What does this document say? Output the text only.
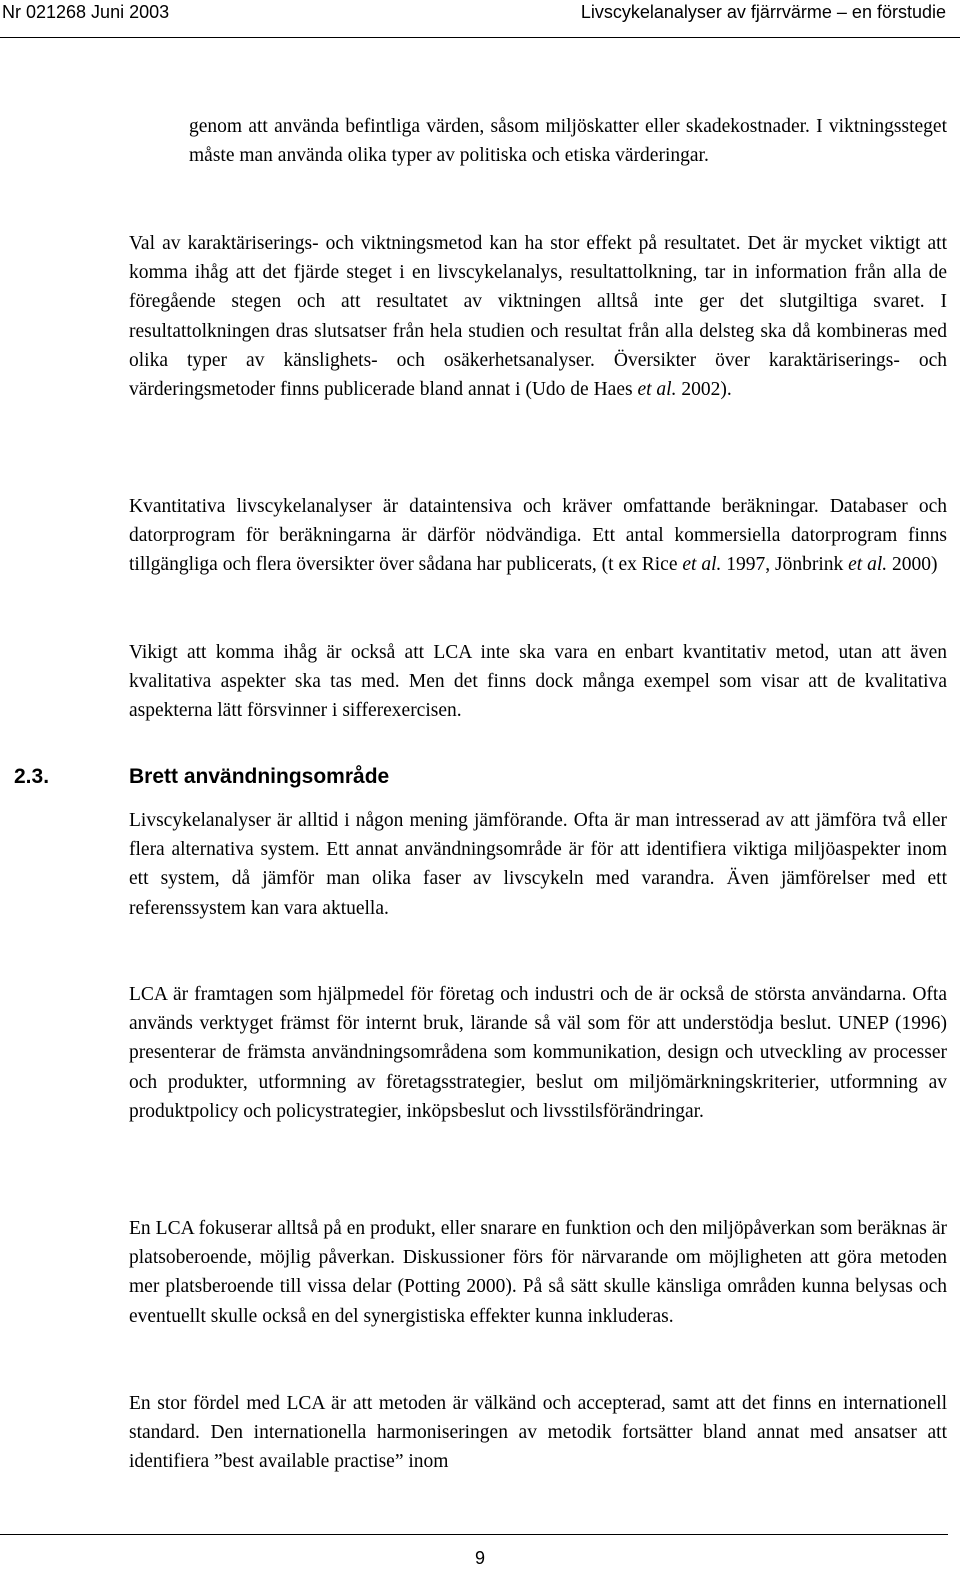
Nr 021268 Juni 2003	Livscykelanalyser av fjärrvärme – en förstudie

genom att använda befintliga värden, såsom miljöskatter eller skadekostnader. I viktningssteget måste man använda olika typer av politiska och etiska värderingar.

Val av karaktäriserings- och viktningsmetod kan ha stor effekt på resultatet. Det är mycket viktigt att komma ihåg att det fjärde steget i en livscykelanalys, resultattolkning, tar in information från alla de föregående stegen och att resultatet av viktningen alltså inte ger det slutgiltiga svaret. I resultattolkningen dras slutsatser från hela studien och resultat från alla delsteg ska då kombineras med olika typer av känslighets- och osäkerhetsanalyser. Översikter över karaktäriserings- och värderingsmetoder finns publicerade bland annat i (Udo de Haes et al. 2002).

Kvantitativa livscykelanalyser är dataintensiva och kräver omfattande beräkningar. Databaser och datorprogram för beräkningarna är därför nödvändiga. Ett antal kommersiella datorprogram finns tillgängliga och flera översikter över sådana har publicerats, (t ex Rice et al. 1997, Jönbrink et al. 2000)

Vikigt att komma ihåg är också att LCA inte ska vara en enbart kvantitativ metod, utan att även kvalitativa aspekter ska tas med. Men det finns dock många exempel som visar att de kvalitativa aspekterna lätt försvinner i sifferexercisen.

2.3.	Brett användningsområde

Livscykelanalyser är alltid i någon mening jämförande. Ofta är man intresserad av att jämföra två eller flera alternativa system. Ett annat användningsområde är för att identifiera viktiga miljöaspekter inom ett system, då jämför man olika faser av livscykeln med varandra. Även jämförelser med ett referenssystem kan vara aktuella.

LCA är framtagen som hjälpmedel för företag och industri och de är också de största användarna. Ofta används verktyget främst för internt bruk, lärande så väl som för att understödja beslut. UNEP (1996) presenterar de främsta användningsområdena som kommunikation, design och utveckling av processer och produkter, utformning av företagsstrategier, beslut om miljömärkningskriterier, utformning av produktpolicy och policystrategier, inköpsbeslut och livsstilsförändringar.

En LCA fokuserar alltså på en produkt, eller snarare en funktion och den miljöpåverkan som beräknas är platsoberoende, möjlig påverkan. Diskussioner förs för närvarande om möjligheten att göra metoden mer platsberoende till vissa delar (Potting 2000). På så sätt skulle känsliga områden kunna belysas och eventuellt skulle också en del synergistiska effekter kunna inkluderas.

En stor fördel med LCA är att metoden är välkänd och accepterad, samt att det finns en internationell standard. Den internationella harmoniseringen av metodik fortsätter bland annat med ansatser att identifiera ”best available practise” inom

9
